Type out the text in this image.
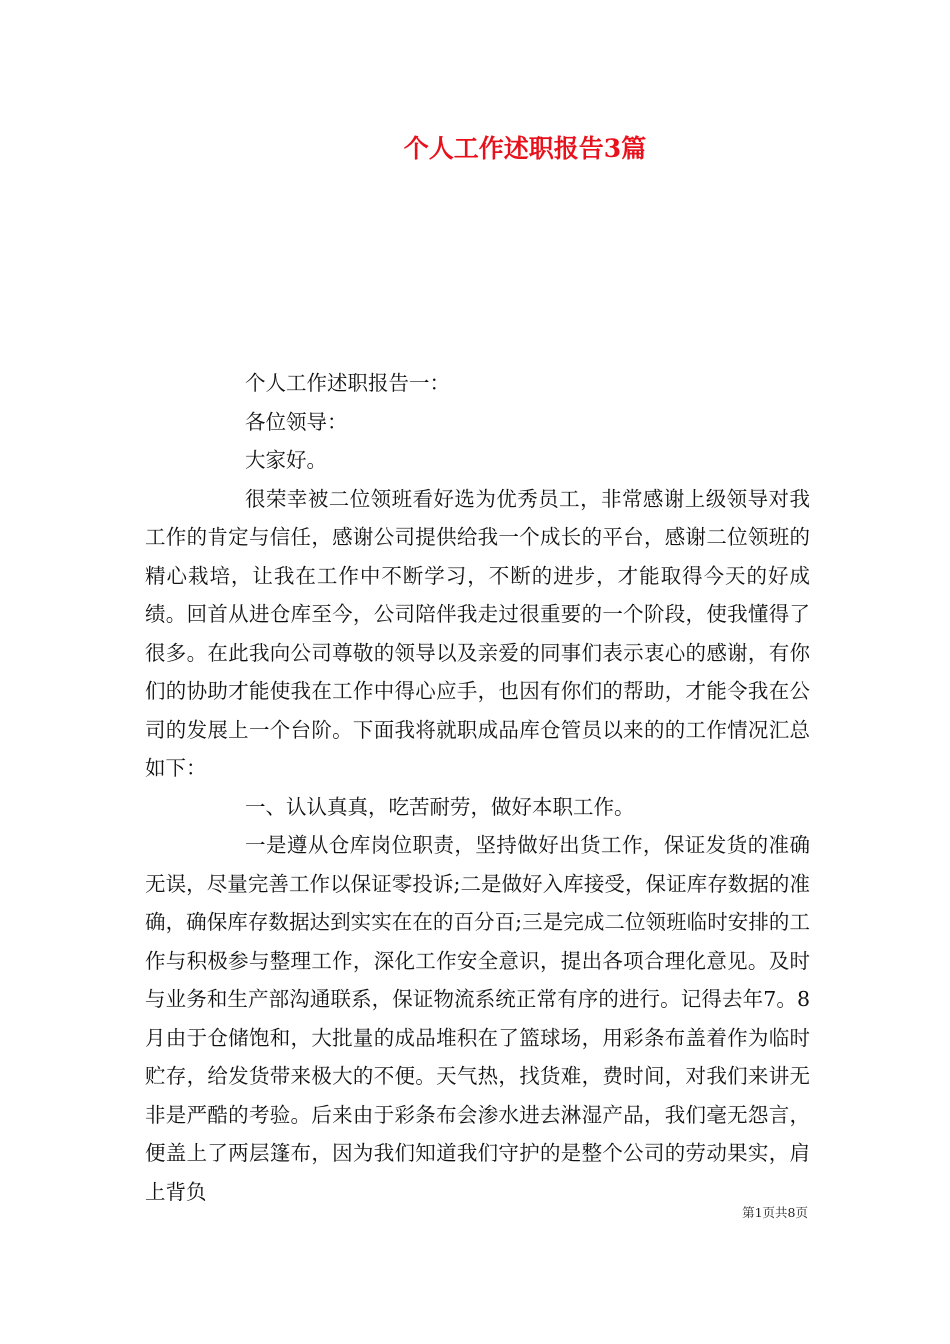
个人工作述职报告3篇

个人工作述职报告一：

各位领导：

大家好。

很荣幸被二位领班看好选为优秀员工，非常感谢上级领导对我工作的肯定与信任，感谢公司提供给我一个成长的平台，感谢二位领班的精心栽培，让我在工作中不断学习，不断的进步，才能取得今天的好成绩。回首从进仓库至今，公司陪伴我走过很重要的一个阶段，使我懂得了很多。在此我向公司尊敬的领导以及亲爱的同事们表示衷心的感谢，有你们的协助才能使我在工作中得心应手，也因有你们的帮助，才能令我在公司的发展上一个台阶。下面我将就职成品库仓管员以来的的工作情况汇总如下：

一、认认真真，吃苦耐劳，做好本职工作。

一是遵从仓库岗位职责，坚持做好出货工作，保证发货的准确无误，尽量完善工作以保证零投诉;二是做好入库接受，保证库存数据的准确，确保库存数据达到实实在在的百分百;三是完成二位领班临时安排的工作与积极参与整理工作，深化工作安全意识，提出各项合理化意见。及时与业务和生产部沟通联系，保证物流系统正常有序的进行。记得去年7。8月由于仓储饱和，大批量的成品堆积在了篮球场，用彩条布盖着作为临时贮存，给发货带来极大的不便。天气热，找货难，费时间，对我们来讲无非是严酷的考验。后来由于彩条布会渗水进去淋湿产品，我们毫无怨言，便盖上了两层篷布，因为我们知道我们守护的是整个公司的劳动果实，肩上背负

第1页共8页
